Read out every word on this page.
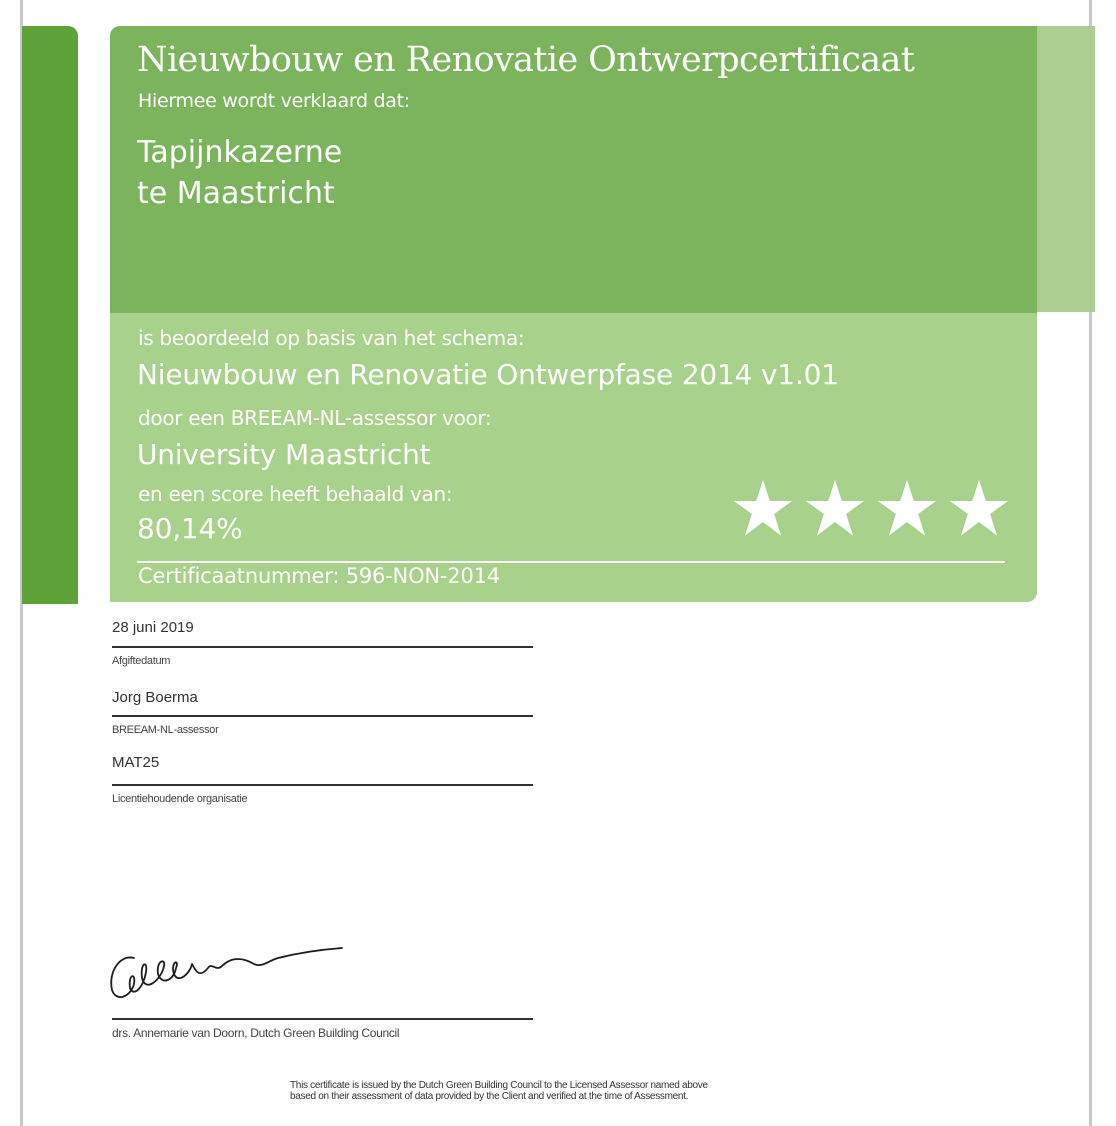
Nieuwbouw en Renovatie Ontwerpcertificaat
Hiermee wordt verklaard dat:
Tapijnkazerne
te Maastricht
is beoordeeld op basis van het schema:
Nieuwbouw en Renovatie Ontwerpfase 2014 v1.01
door een BREEAM-NL-assessor voor:
University Maastricht
en een score heeft behaald van:
80,14%
Certificaatnummer: 596-NON-2014
28 juni 2019
Afgiftedatum
Jorg Boerma
BREEAM-NL-assessor
MAT25
Licentiehoudende organisatie
drs. Annemarie van Doorn, Dutch Green Building Council
This certificate is issued by the Dutch Green Building Council to the Licensed Assessor named above based on their assessment of data provided by the Client and verified at the time of Assessment.
